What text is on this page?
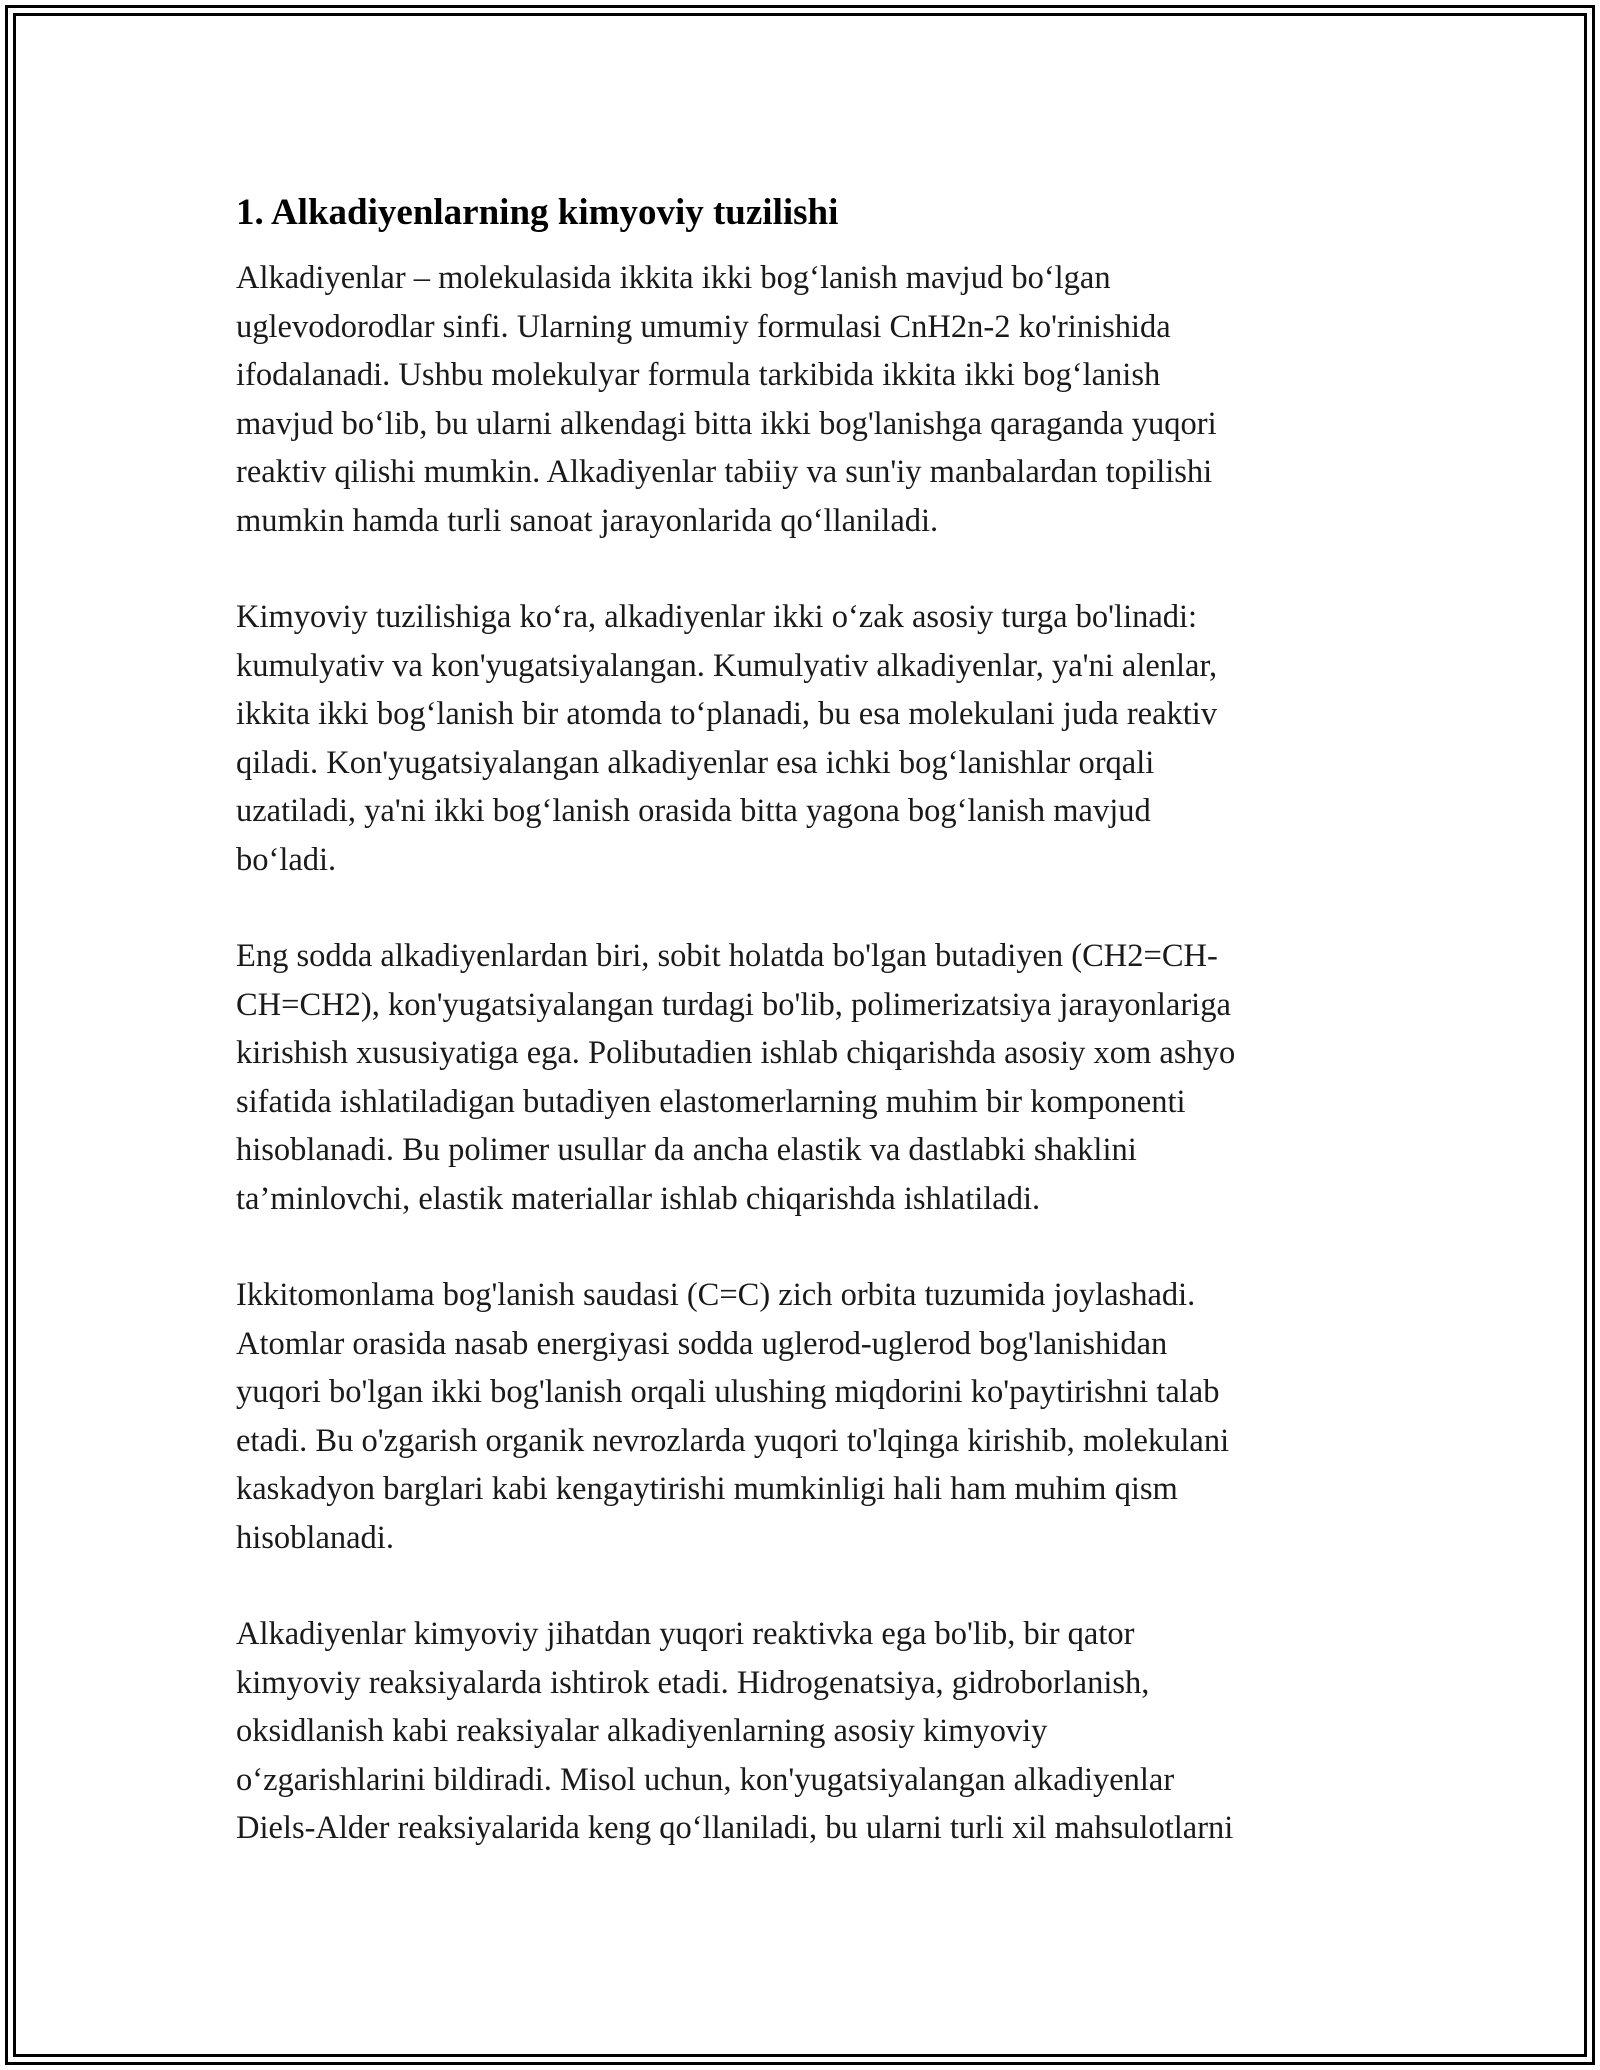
1. Alkadiyenlarning kimyoviy tuzilishi
Alkadiyenlar – molekulasida ikkita ikki bog‘lanish mavjud bo‘lgan
uglevodorodlar sinfi. Ularning umumiy formulasi CnH2n-2 ko'rinishida
ifodalanadi. Ushbu molekulyar formula tarkibida ikkita ikki bog‘lanish
mavjud bo‘lib, bu ularni alkendagi bitta ikki bog'lanishga qaraganda yuqori
reaktiv qilishi mumkin. Alkadiyenlar tabiiy va sun'iy manbalardan topilishi
mumkin hamda turli sanoat jarayonlarida qo‘llaniladi.
Kimyoviy tuzilishiga ko‘ra, alkadiyenlar ikki o‘zak asosiy turga bo'linadi:
kumulyativ va kon'yugatsiyalangan. Kumulyativ alkadiyenlar, ya'ni alenlar,
ikkita ikki bog‘lanish bir atomda to‘planadi, bu esa molekulani juda reaktiv
qiladi. Kon'yugatsiyalangan alkadiyenlar esa ichki bog‘lanishlar orqali
uzatiladi, ya'ni ikki bog‘lanish orasida bitta yagona bog‘lanish mavjud
bo‘ladi.
Eng sodda alkadiyenlardan biri, sobit holatda bo'lgan butadiyen (CH2=CH-
CH=CH2), kon'yugatsiyalangan turdagi bo'lib, polimerizatsiya jarayonlariga
kirishish xususiyatiga ega. Polibutadien ishlab chiqarishda asosiy xom ashyo
sifatida ishlatiladigan butadiyen elastomerlarning muhim bir komponenti
hisoblanadi. Bu polimer usullar da ancha elastik va dastlabki shaklini
ta’minlovchi, elastik materiallar ishlab chiqarishda ishlatiladi.
Ikkitomonlama bog'lanish saudasi (C=C) zich orbita tuzumida joylashadi.
Atomlar orasida nasab energiyasi sodda uglerod-uglerod bog'lanishidan
yuqori bo'lgan ikki bog'lanish orqali ulushing miqdorini ko'paytirishni talab
etadi. Bu o'zgarish organik nevrozlarda yuqori to'lqinga kirishib, molekulani
kaskadyon barglari kabi kengaytirishi mumkinligi hali ham muhim qism
hisoblanadi.
Alkadiyenlar kimyoviy jihatdan yuqori reaktivka ega bo'lib, bir qator
kimyoviy reaksiyalarda ishtirok etadi. Hidrogenatsiya, gidroborlanish,
oksidlanish kabi reaksiyalar alkadiyenlarning asosiy kimyoviy
o‘zgarishlarini bildiradi. Misol uchun, kon'yugatsiyalangan alkadiyenlar
Diels-Alder reaksiyalarida keng qo‘llaniladi, bu ularni turli xil mahsulotlarni
